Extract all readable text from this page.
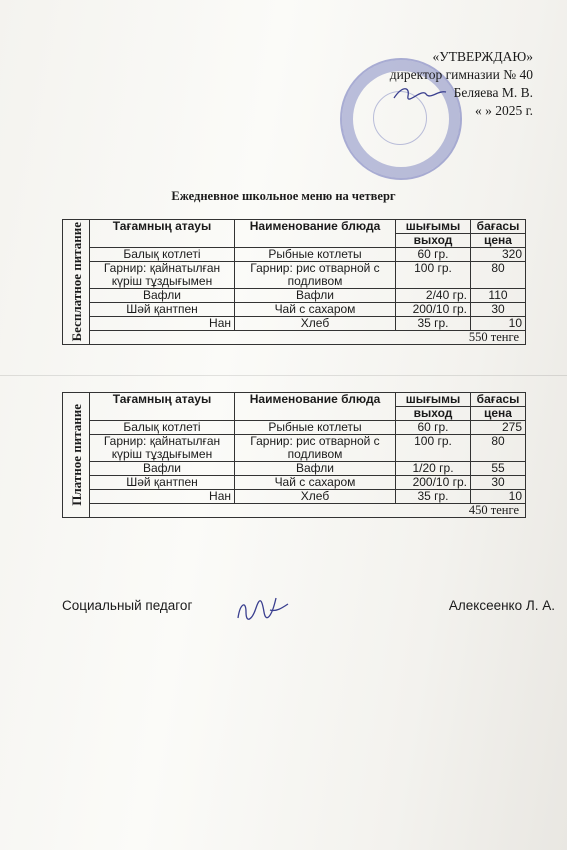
«УТВЕРЖДАЮ»
директор гимназии № 40
Беляева М. В.
« » 2025 г.
Ежедневное школьное меню на четверг
Бесплатное питание	Тағамның атауы	Наименование блюда	шығымы	бағасы
			выход	цена
	Балық котлеті	Рыбные котлеты	60 гр.	320
	Гарнир: қайнатылған күріш тұздығымен	Гарнир: рис отварной с подливом	100 гр.	80
	Вафли	Вафли	2/40 гр.	110
	Шәй қантпен	Чай с сахаром	200/10 гр.	30
	Нан	Хлеб	35 гр.	10
	550 тенге			
Платное питание	Тағамның атауы	Наименование блюда	шығымы	бағасы
			выход	цена
	Балық котлеті	Рыбные котлеты	60 гр.	275
	Гарнир: қайнатылған күріш тұздығымен	Гарнир: рис отварной с подливом	100 гр.	80
	Вафли	Вафли	1/20 гр.	55
	Шәй қантпен	Чай с сахаром	200/10 гр.	30
	Нан	Хлеб	35 гр.	10
	450 тенге			
Социальный педагог	Алексеенко Л. А.
